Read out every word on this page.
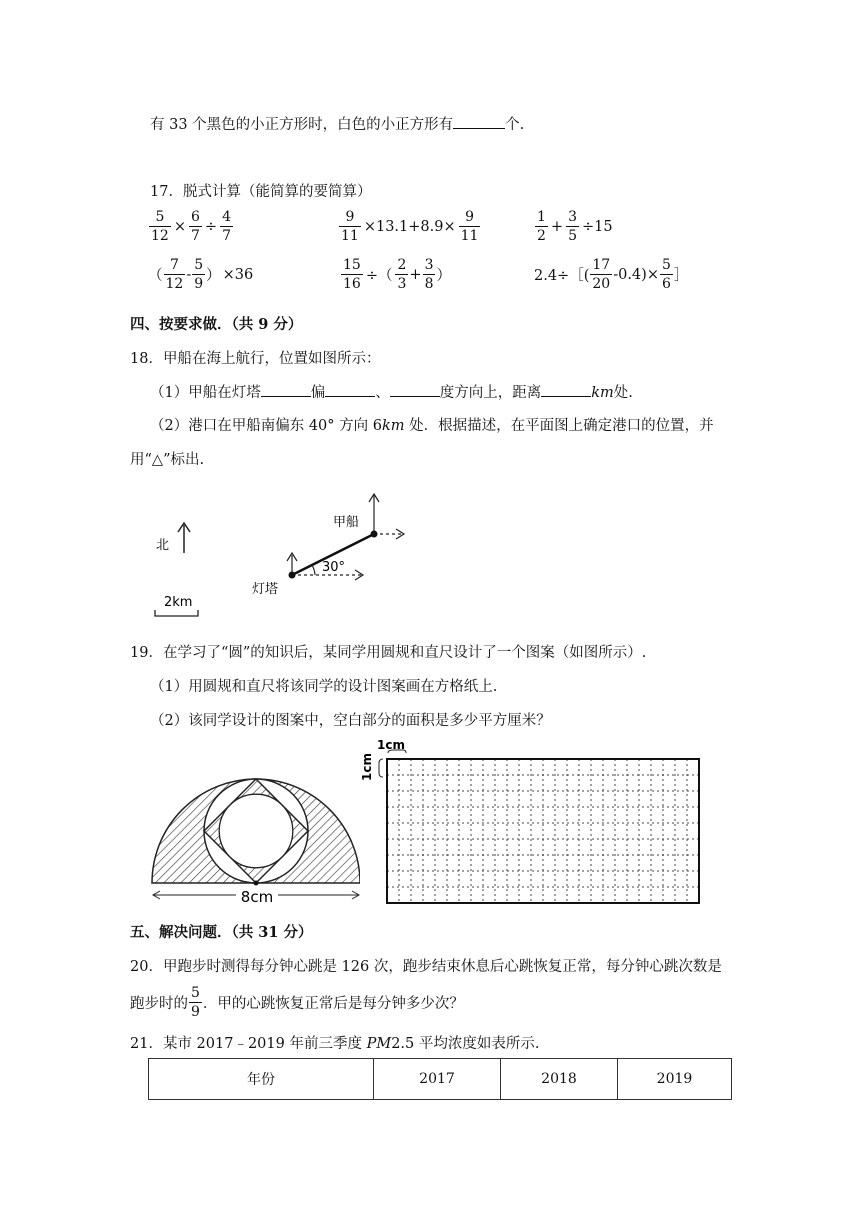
有 33 个黑色的小正方形时，白色的小正方形有	个.
17．脱式计算（能简算的要简算）
$\frac{5}{12} \times \frac{6}{7} \div \frac{4}{7}$	$\frac{9}{11} \times 13.1+8.9\times \frac{9}{11}$	$\frac{1}{2} + \frac{3}{5} \div 15$
（ $\frac{7}{12} - \frac{5}{9}$ ） ×36	$\frac{15}{16}$ ÷（ $\frac{2}{3} + \frac{3}{8}$ ）	2.4÷［( $\frac{17}{20} -0.4)\times \frac{5}{6}$ ］
四、按要求做．（共 9 分）
18．甲船在海上航行，位置如图所示：
（1）甲船在灯塔	偏	、	度方向上，距离	km处.
（2）港口在甲船南偏东 40° 方向 6km 处．根据描述，在平面图上确定港口的位置，并
用“△”标出.
北
2km
30°
甲船
灯塔
19．在学习了“圆”的知识后，某同学用圆规和直尺设计了一个图案（如图所示）.
（1）用圆规和直尺将该同学的设计图案画在方格纸上.
（2）该同学设计的图案中，空白部分的面积是多少平方厘米？
8cm
1cm
1cm
五、解决问题．（共 31 分）
20．甲跑步时测得每分钟心跳是 126 次，跑步结束休息后心跳恢复正常，每分钟心跳次数是
跑步时的 $\frac{5}{9}$ ．甲的心跳恢复正常后是每分钟多少次？
21．某市 2017﹣2019 年前三季度 PM2.5 平均浓度如表所示.
年份	2017	2018	2019
